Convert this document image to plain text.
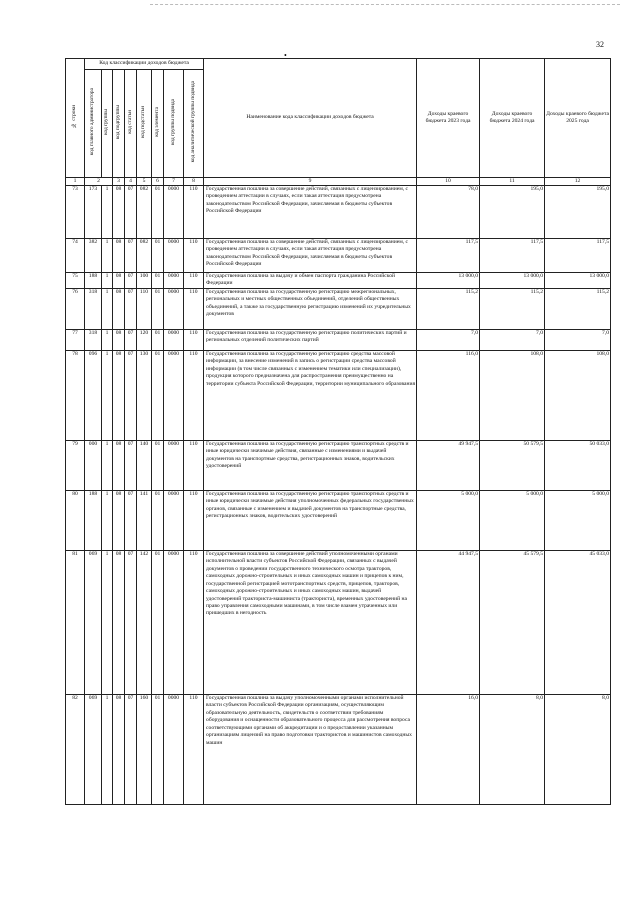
32
•
№ строки	Код классификации доходов бюджета								Наименование кода классификации доходов бюджета	Доходы краевого бюджета 2023 года	Доходы краевого бюджета 2024 года	Доходы краевого бюджета 2025 года
	код главного администратора	код группы	код подгруппы	код статьи	код подстатьи	код элемента	код группы подвида	код аналитической группы подвида				
1	2		3	4	5	6	7	8	9	10	11	12
73	173	1	08	07	082	01	0000	110	Государственная пошлина за совершение действий, связанных с лицензированием, с проведением аттестации в случаях, если такая аттестация предусмотрена законодательством Российской Федерации, зачисляемая в бюджеты субъектов Российской Федерации	78,0	195,0	195,0
74	382	1	08	07	082	01	0000	110	Государственная пошлина за совершение действий, связанных с лицензированием, с проведением аттестации в случаях, если такая аттестация предусмотрена законодательством Российской Федерации, зачисляемая в бюджеты субъектов Российской Федерации	117,5	117,5	117,5
75	188	1	08	07	100	01	0000	110	Государственная пошлина за выдачу и обмен паспорта гражданина Российской Федерации	13 000,0	13 000,0	13 000,0
76	318	1	08	07	110	01	0000	110	Государственная пошлина за государственную регистрацию межрегиональных, региональных и местных общественных объединений, отделений общественных объединений, а также за государственную регистрацию изменений их учредительных документов	115,2	115,2	115,2
77	318	1	08	07	120	01	0000	110	Государственная пошлина за государственную регистрацию политических партий и региональных отделений политических партий	7,0	7,0	7,0
78	096	1	08	07	130	01	0000	110	Государственная пошлина за государственную регистрацию средства массовой информации, за внесение изменений в запись о регистрации средства массовой информации (в том числе связанных с изменением тематики или специализации), продукция которого предназначена для распространения преимущественно на территории субъекта Российской Федерации, территории муниципального образования	116,0	108,0	108,0
79	000	1	08	07	140	01	0000	110	Государственная пошлина за государственную регистрацию транспортных средств и иные юридически значимые действия, связанные с изменениями и выдачей документов на транспортные средства, регистрационных знаков, водительских удостоверений	49 947,5	50 579,5	50 033,0
80	188	1	08	07	141	01	0000	110	Государственная пошлина за государственную регистрацию транспортных средств и иные юридически значимые действия уполномоченных федеральных государственных органов, связанные с изменением и выдачей документов на транспортные средства, регистрационных знаков, водительских удостоверений	5 000,0	5 000,0	5 000,0
81	069	1	08	07	142	01	0000	110	Государственная пошлина за совершение действий уполномоченными органами исполнительной власти субъектов Российской Федерации, связанных с выдачей документов о проведении государственного технического осмотра тракторов, самоходных дорожно-строительных и иных самоходных машин и прицепов к ним, государственной регистрацией мототранспортных средств, прицепов, тракторов, самоходных дорожно-строительных и иных самоходных машин, выдачей удостоверений тракториста-машиниста (тракториста), временных удостоверений на право управления самоходными машинами, в том числе взамен утраченных или пришедших в негодность	44 947,5	45 579,5	45 033,0
82	069	1	08	07	160	01	0000	110	Государственная пошлина за выдачу уполномоченными органами исполнительной власти субъектов Российской Федерации организациям, осуществляющим образовательную деятельность, свидетельств о соответствии требованиям оборудования и оснащенности образовательного процесса для рассмотрения вопроса соответствующими органами об аккредитации и о предоставлении указанным организациям лицензий на право подготовки трактористов и машинистов самоходных машин	16,0	8,0	8,0
